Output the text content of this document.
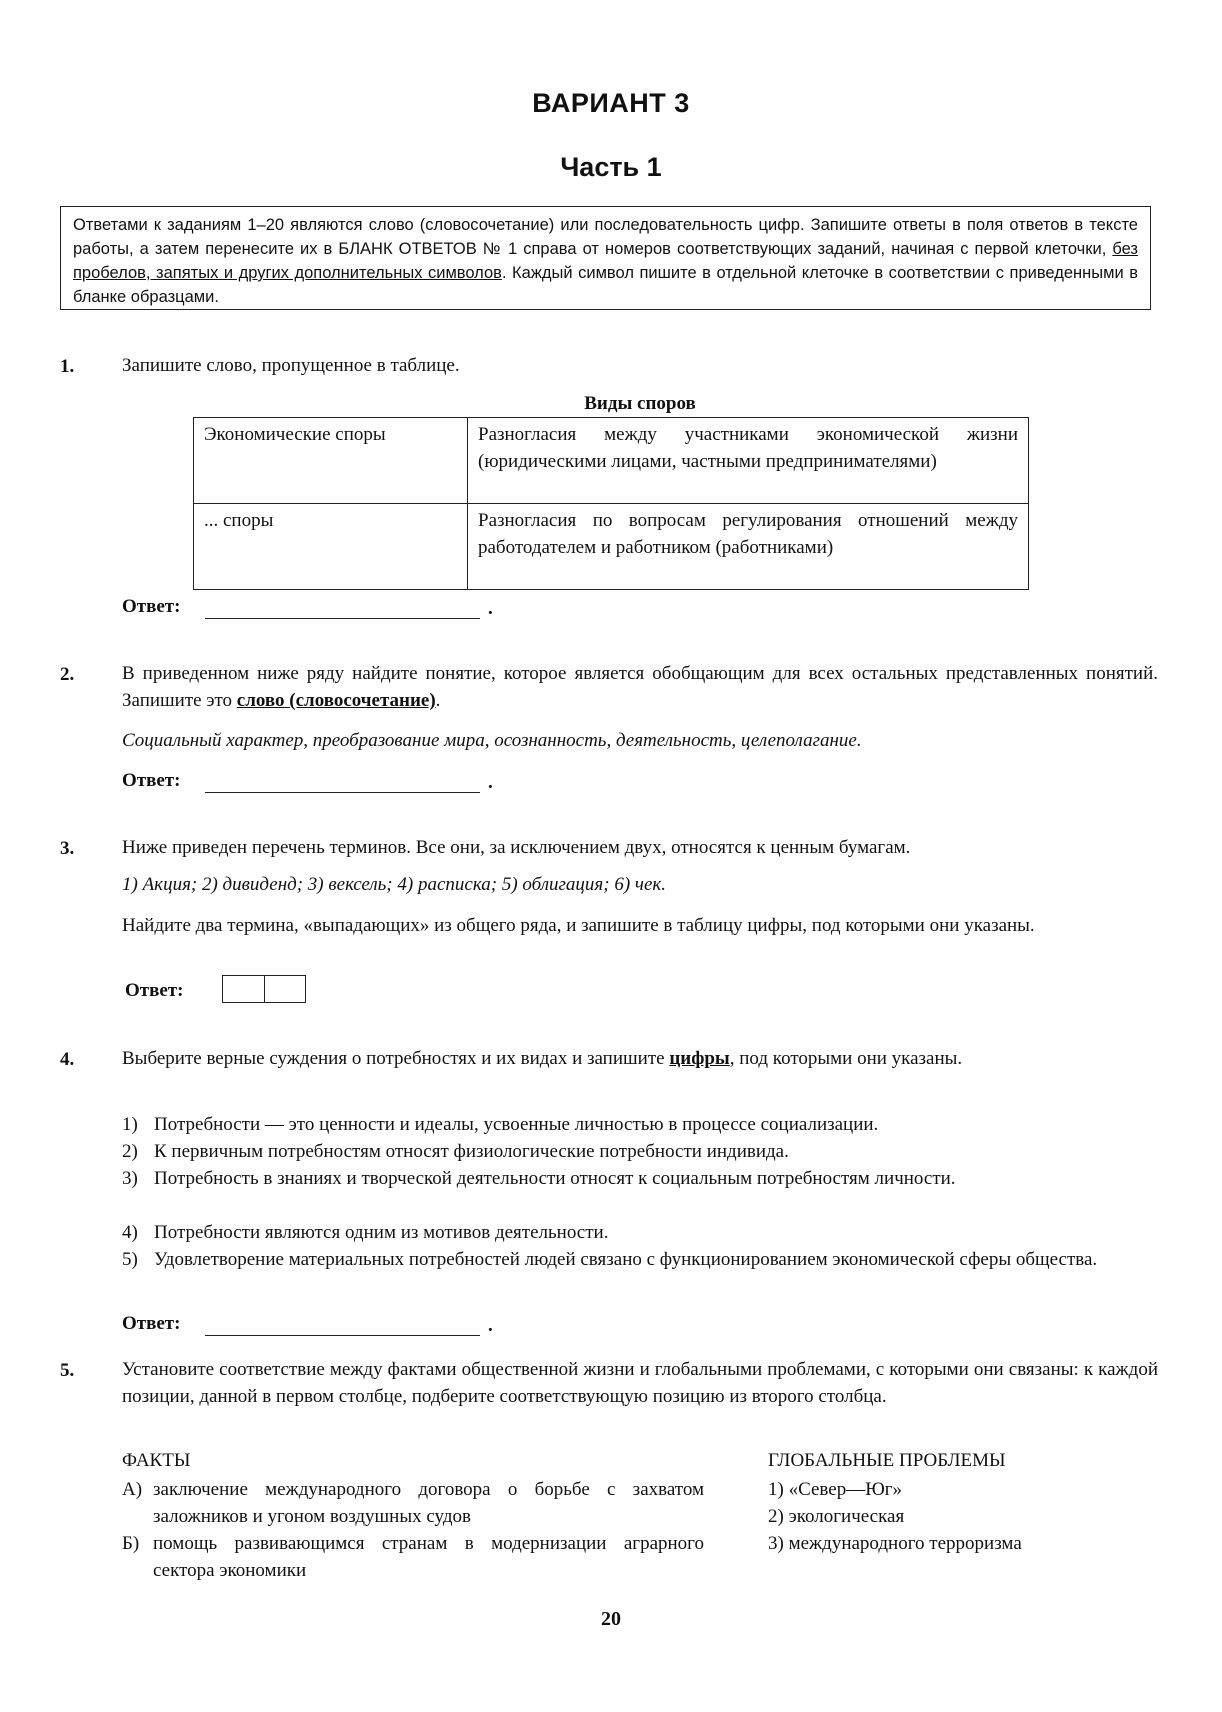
ВАРИАНТ 3
Часть 1
Ответами к заданиям 1–20 являются слово (словосочетание) или последовательность цифр. Запишите ответы в поля ответов в тексте работы, а затем перенесите их в БЛАНК ОТВЕТОВ № 1 справа от номеров соответствующих заданий, начиная с первой клеточки, без пробелов, запятых и других дополнительных символов. Каждый символ пишите в отдельной клеточке в соответствии с приведенными в бланке образцами.
1.	Запишите слово, пропущенное в таблице.
Виды споров
Экономические споры	Разногласия между участниками экономической жизни (юридическими лицами, частными предпринимателями)
... споры	Разногласия по вопросам регулирования отношений между работодателем и работником (работниками)
Ответ:	.
2.	В приведенном ниже ряду найдите понятие, которое является обобщающим для всех остальных представленных понятий. Запишите это слово (словосочетание).
Социальный характер, преобразование мира, осознанность, деятельность, целеполагание.
Ответ:	.
3.	Ниже приведен перечень терминов. Все они, за исключением двух, относятся к ценным бумагам.
1) Акция; 2) дивиденд; 3) вексель; 4) расписка; 5) облигация; 6) чек.
Найдите два термина, «выпадающих» из общего ряда, и запишите в таблицу цифры, под которыми они указаны.
Ответ:
4.	Выберите верные суждения о потребностях и их видах и запишите цифры, под которыми они указаны.
1) Потребности — это ценности и идеалы, усвоенные личностью в процессе социализации.
2) К первичным потребностям относят физиологические потребности индивида.
3) Потребность в знаниях и творческой деятельности относят к социальным потребностям личности.
4) Потребности являются одним из мотивов деятельности.
5) Удовлетворение материальных потребностей людей связано с функционированием экономической сферы общества.
Ответ:	.
5.	Установите соответствие между фактами общественной жизни и глобальными проблемами, с которыми они связаны: к каждой позиции, данной в первом столбце, подберите соответствующую позицию из второго столбца.
ФАКТЫ	ГЛОБАЛЬНЫЕ ПРОБЛЕМЫ
А) заключение международного договора о борьбе с захватом заложников и угоном воздушных судов
Б) помощь развивающимся странам в модернизации аграрного сектора экономики
1) «Север—Юг»
2) экологическая
3) международного терроризма
20
